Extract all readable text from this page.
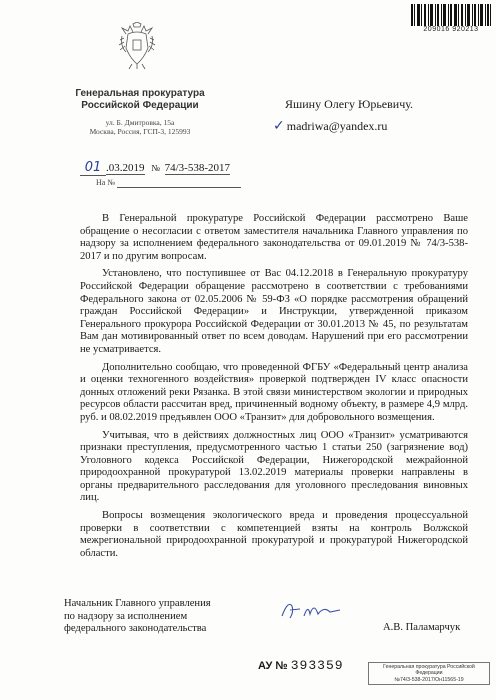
209016 920213
Генеральная прокуратура Российской Федерации
ул. Б. Дмитровка, 15а
Москва, Россия, ГСП-3, 125993
Яшину Олегу Юрьевичу.
✓ madriwa@yandex.ru
01 .03.2019 № 74/3-538-2017
На №

В Генеральной прокуратуре Российской Федерации рассмотрено Ваше обращение о несогласии с ответом заместителя начальника Главного управления по надзору за исполнением федерального законодательства от 09.01.2019 № 74/3-538-2017 и по другим вопросам.

Установлено, что поступившее от Вас 04.12.2018 в Генеральную прокуратуру Российской Федерации обращение рассмотрено в соответствии с требованиями Федерального закона от 02.05.2006 № 59-ФЗ «О порядке рассмотрения обращений граждан Российской Федерации» и Инструкции, утвержденной приказом Генерального прокурора Российской Федерации от 30.01.2013 № 45, по результатам Вам дан мотивированный ответ по всем доводам. Нарушений при его рассмотрении не усматривается.

Дополнительно сообщаю, что проведенной ФГБУ «Федеральный центр анализа и оценки техногенного воздействия» проверкой подтвержден IV класс опасности донных отложений реки Рязанка. В этой связи министерством экологии и природных ресурсов области рассчитан вред, причиненный водному объекту, в размере 4,9 млрд. руб. и 08.02.2019 предъявлен ООО «Транзит» для добровольного возмещения.

Учитывая, что в действиях должностных лиц ООО «Транзит» усматриваются признаки преступления, предусмотренного частью 1 статьи 250 (загрязнение вод) Уголовного кодекса Российской Федерации, Нижегородской межрайонной природоохранной прокуратурой 13.02.2019 материалы проверки направлены в органы предварительного расследования для уголовного преследования виновных лиц.

Вопросы возмещения экологического вреда и проведения процессуальной проверки в соответствии с компетенцией взяты на контроль Волжской межрегиональной природоохранной прокуратурой и прокуратурой Нижегородской области.

Начальник Главного управления
по надзору за исполнением
федерального законодательства	А.В. Паламарчук
АУ № 393359	Генеральная прокуратура Российской
Федерации
№74/3-538-2017/Он11565-19
